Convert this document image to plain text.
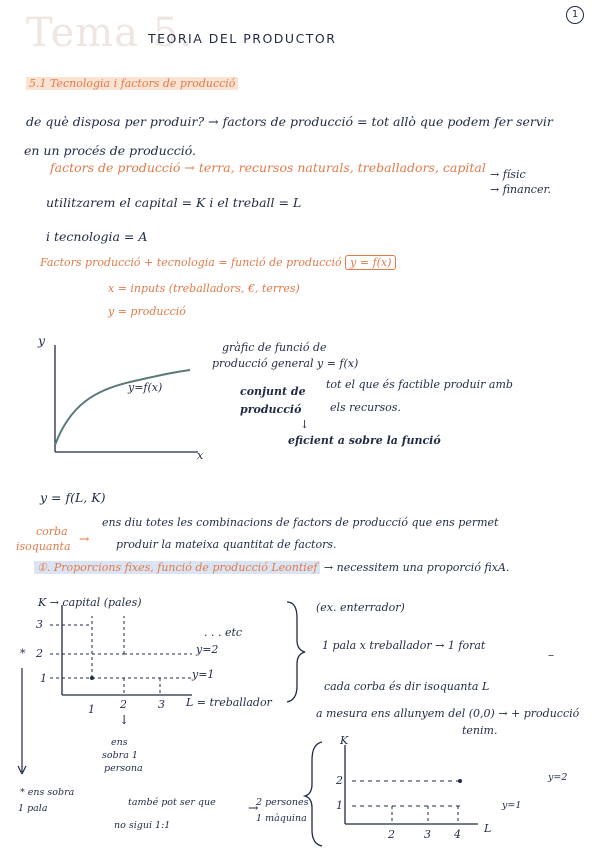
Tema 5.
TEORIA DEL PRODUCTOR
1
5.1 Tecnologia i factors de producció
de què disposa per produir? → factors de producció = tot allò que podem fer servir
en un procés de producció.
factors de producció → terra, recursos naturals, treballadors, capital → físic
→ financer.
utilitzarem el capital = K i el treball = L
i tecnologia = A
Factors producció + tecnologia = funció de producció y = f(x)
x = inputs (treballadors, €, terres)
y = producció
y
x
y=f(x)
gràfic de funció de
producció general y = f(x)
conjunt de
producció
tot el que és factible produir amb
els recursos.
↓
eficient a sobre la funció
y = f(L, K)
corba
isoquanta
→
ens diu totes les combinacions de factors de producció que ens permet
produir la mateixa quantitat de factors.
①. Proporcions fixes, funció de producció Leontief → necessitem una proporció fixA.
K → capital (pales)
3
* 2
1
1 2	3 L = treballador
. . . etc
y=2
y=1
↓
ens
sobra 1
persona
* ens sobra
1 pala
(ex. enterrador)
1 pala x treballador → 1 forat
–
cada corba és dir isoquanta L
a mesura ens allunyem del (0,0) → + producció
tenim.
també pot ser que
no sigui 1:1
→
2 persones
1 màquina
K
2
1
2	3 4 L
y=2
y=1
